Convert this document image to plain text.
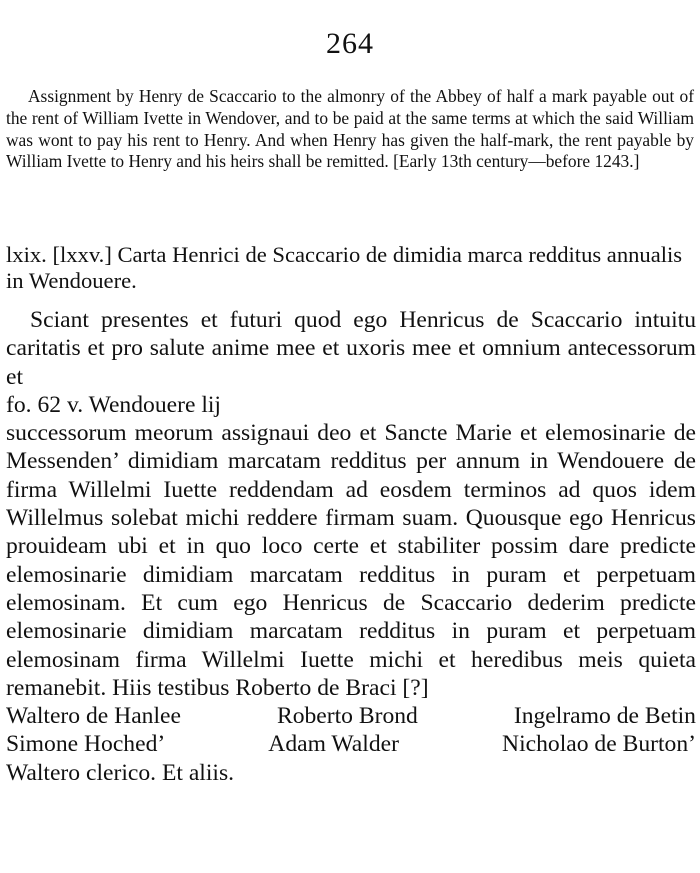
264

Assignment by Henry de Scaccario to the almonry of the Abbey of half a mark payable out of the rent of William Ivette in Wendover, and to be paid at the same terms at which the said William was wont to pay his rent to Henry. And when Henry has given the half-mark, the rent payable by William Ivette to Henry and his heirs shall be remitted. [Early 13th century—before 1243.]

lxix. [lxxv.] Carta Henrici de Scaccario de dimidia marca redditus annualis in Wendouere.

Sciant presentes et futuri quod ego Henricus de Scaccario intuitu caritatis et pro salute anime mee et uxoris mee et omnium antecessorum et

fo. 62 v. Wendouere lij

successorum meorum assignaui deo et Sancte Marie et elemosinarie de Messenden’ dimidiam marcatam redditus per annum in Wendouere de firma Willelmi Iuette reddendam ad eosdem terminos ad quos idem Willelmus solebat michi reddere firmam suam. Quousque ego Henricus prouideam ubi et in quo loco certe et stabiliter possim dare predicte elemosinarie dimidiam marcatam redditus in puram et perpetuam elemosinam. Et cum ego Henricus de Scaccario dederim predicte elemosinarie dimidiam marcatam redditus in puram et perpetuam elemosinam firma Willelmi Iuette michi et heredibus meis quieta remanebit. Hiis testibus Roberto de Braci [?]

Waltero de Hanlee	Roberto Brond	Ingelramo de Betin
Simone Hoched’	Adam Walder	Nicholao de Burton’

Waltero clerico. Et aliis.
